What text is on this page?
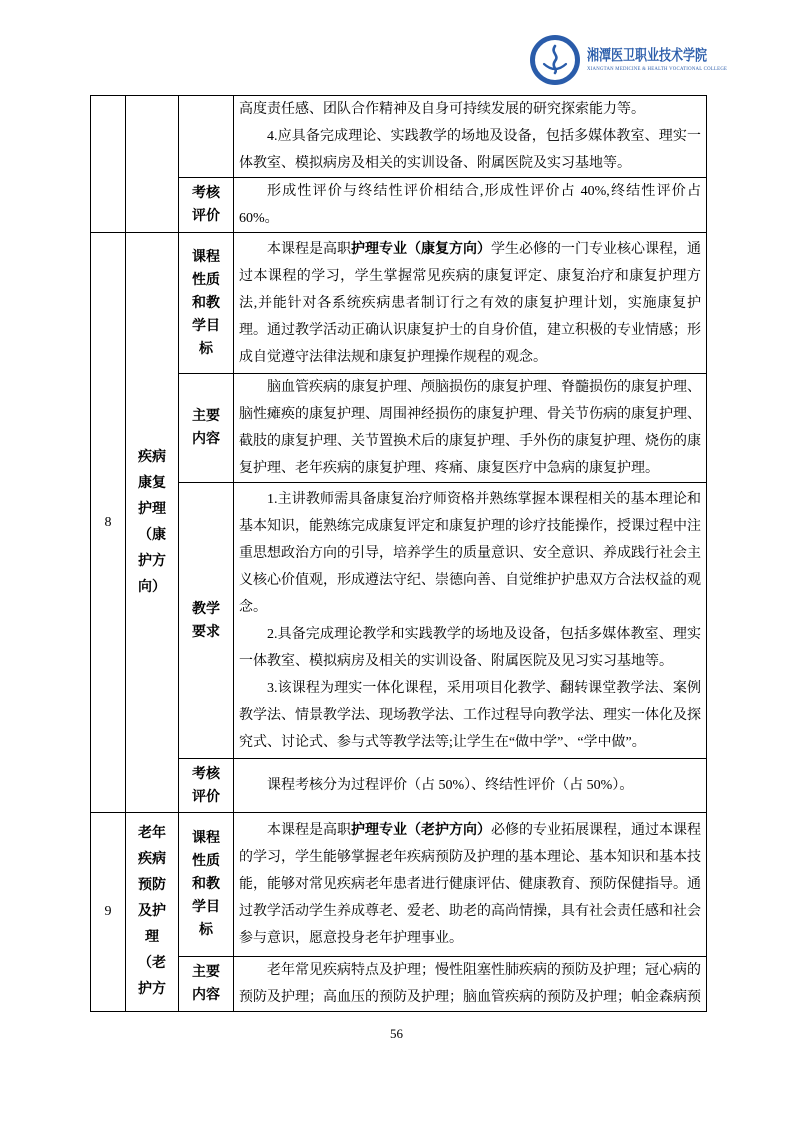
湘潭医卫职业技术学院
XIANGTAN MEDICINE & HEALTH VOCATIONAL COLLEGE

			高度责任感、团队合作精神及自身可持续发展的研究探索能力等。

4.应具备完成理论、实践教学的场地及设备，包括多媒体教室、理实一体教室、模拟病房及相关的实训设备、附属医院及实习基地等。

		考核评价	形成性评价与终结性评价相结合,形成性评价占 40%,终结性评价占 60%。

8	疾病康复护理（康护方向）	课程性质和教学目标	本课程是高职护理专业（康复方向）学生必修的一门专业核心课程，通过本课程的学习，学生掌握常见疾病的康复评定、康复治疗和康复护理方法,并能针对各系统疾病患者制订行之有效的康复护理计划，实施康复护理。通过教学活动正确认识康复护士的自身价值，建立积极的专业情感；形成自觉遵守法律法规和康复护理操作规程的观念。

		主要内容	脑血管疾病的康复护理、颅脑损伤的康复护理、脊髓损伤的康复护理、脑性瘫痪的康复护理、周围神经损伤的康复护理、骨关节伤病的康复护理、截肢的康复护理、关节置换术后的康复护理、手外伤的康复护理、烧伤的康复护理、老年疾病的康复护理、疼痛、康复医疗中急病的康复护理。

		教学要求	1.主讲教师需具备康复治疗师资格并熟练掌握本课程相关的基本理论和基本知识，能熟练完成康复评定和康复护理的诊疗技能操作，授课过程中注重思想政治方向的引导，培养学生的质量意识、安全意识、养成践行社会主义核心价值观，形成遵法守纪、崇德向善、自觉维护护患双方合法权益的观念。

2.具备完成理论教学和实践教学的场地及设备，包括多媒体教室、理实一体教室、模拟病房及相关的实训设备、附属医院及见习实习基地等。

3.该课程为理实一体化课程，采用项目化教学、翻转课堂教学法、案例教学法、情景教学法、现场教学法、工作过程导向教学法、理实一体化及探究式、讨论式、参与式等教学法等;让学生在“做中学”、“学中做”。

		考核评价	课程考核分为过程评价（占 50%）、终结性评价（占 50%）。

9	老年疾病预防及护理（老护方	课程性质和教学目标	本课程是高职护理专业（老护方向）必修的专业拓展课程，通过本课程的学习，学生能够掌握老年疾病预防及护理的基本理论、基本知识和基本技能，能够对常见疾病老年患者进行健康评估、健康教育、预防保健指导。通过教学活动学生养成尊老、爱老、助老的高尚情操，具有社会责任感和社会参与意识，愿意投身老年护理事业。

		主要内容	老年常见疾病特点及护理；慢性阻塞性肺疾病的预防及护理；冠心病的预防及护理；高血压的预防及护理；脑血管疾病的预防及护理；帕金森病预

56
